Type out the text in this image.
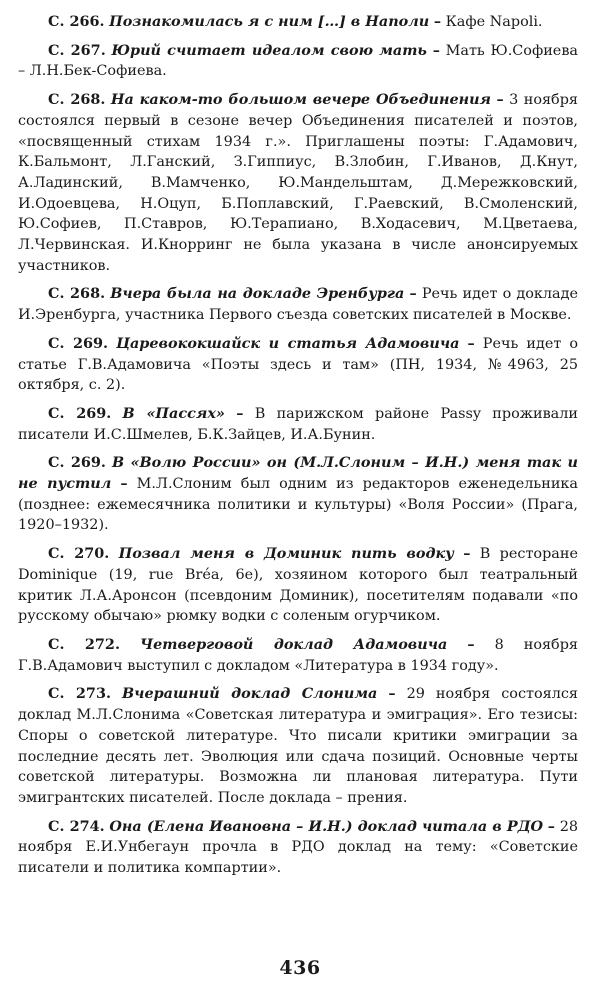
С. 266. Познакомилась я с ним […] в Наполи – Кафе Napoli.

С. 267. Юрий считает идеалом свою мать – Мать Ю.Софиева – Л.Н.Бек-Софиева.

С. 268. На каком-то большом вечере Объединения – 3 ноября состоялся первый в сезоне вечер Объединения писателей и поэтов, «посвященный стихам 1934 г.». Приглашены поэты: Г.Адамович, К.Бальмонт, Л.Ганский, З.Гиппиус, В.Злобин, Г.Иванов, Д.Кнут, А.Ладинский, В.Мамченко, Ю.Мандельштам, Д.Мережковский, И.Одоевцева, Н.Оцуп, Б.Поплавский, Г.Раевский, В.Смоленский, Ю.Софиев, П.Ставров, Ю.Терапиано, В.Ходасевич, М.Цветаева, Л.Червинская. И.Кнорринг не была указана в числе анонсируемых участников.

С. 268. Вчера была на докладе Эренбурга – Речь идет о докладе И.Эренбурга, участника Первого съезда советских писателей в Москве.

С. 269. Царевококшайск и статья Адамовича – Речь идет о статье Г.В.Адамовича «Поэты здесь и там» (ПН, 1934, №4963, 25 октября, с. 2).

С. 269. В «Пассях» – В парижском районе Passy проживали писатели И.С.Шмелев, Б.К.Зайцев, И.А.Бунин.

С. 269. В «Волю России» он (М.Л.Слоним – И.Н.) меня так и не пустил – М.Л.Слоним был одним из редакторов еженедельника (позднее: ежемесячника политики и культуры) «Воля России» (Прага, 1920–1932).

С. 270. Позвал меня в Доминик пить водку – В ресторане Dominique (19, rue Bréa, 6e), хозяином которого был театральный критик Л.А.Аронсон (псевдоним Доминик), посетителям подавали «по русскому обычаю» рюмку водки с соленым огурчиком.

С. 272. Четверговой доклад Адамовича – 8 ноября Г.В.Адамович выступил с докладом «Литература в 1934 году».

С. 273. Вчерашний доклад Слонима – 29 ноября состоялся доклад М.Л.Слонима «Советская литература и эмиграция». Его тезисы: Споры о советской литературе. Что писали критики эмиграции за последние десять лет. Эволюция или сдача позиций. Основные черты советской литературы. Возможна ли плановая литература. Пути эмигрантских писателей. После доклада – прения.

С. 274. Она (Елена Ивановна – И.Н.) доклад читала в РДО – 28 ноября Е.И.Унбегаун прочла в РДО доклад на тему: «Советские писатели и политика компартии».

436
